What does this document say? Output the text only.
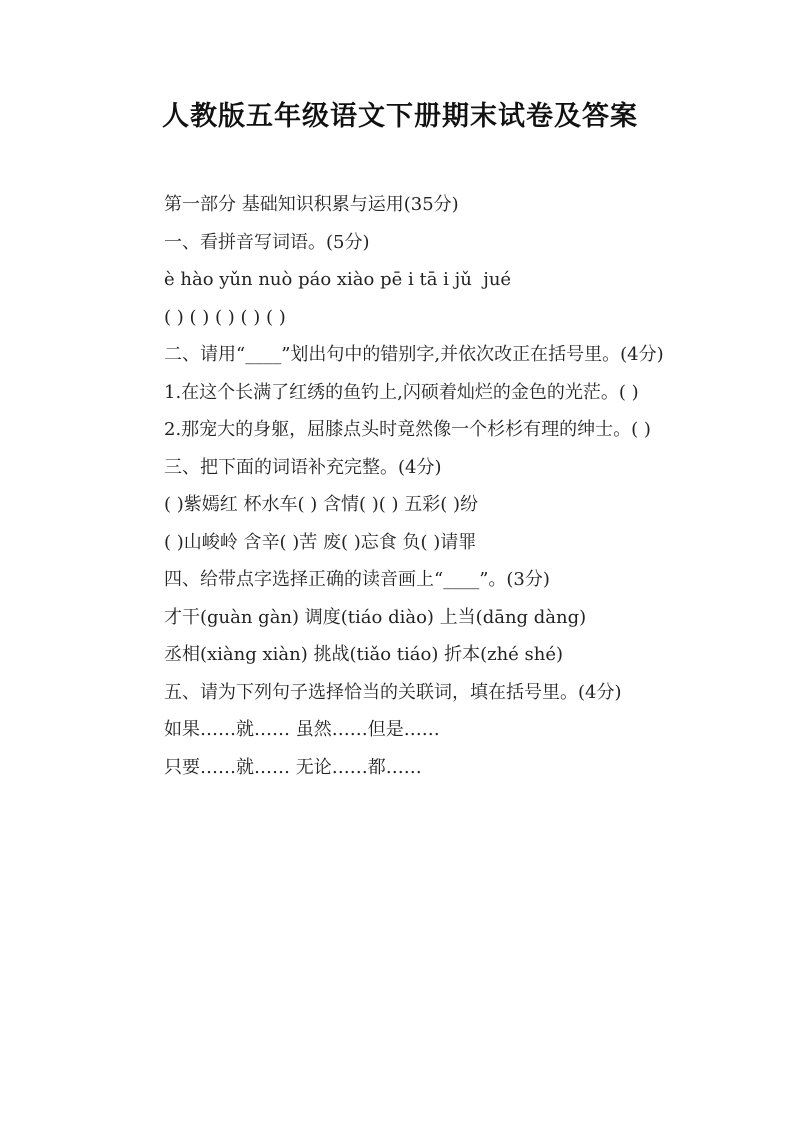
人教版五年级语文下册期末试卷及答案

第一部分 基础知识积累与运用(35分)

一、看拼音写词语。(5分)

è hào yǔn nuò páo xiào pē i tā i jǔ  jué

( ) ( ) ( ) ( ) ( )

二、请用“____”划出句中的错别字,并依次改正在括号里。(4分)

1.在这个长满了红绣的鱼钓上,闪硕着灿烂的金色的光茫。( )

2.那宠大的身躯，屈膝点头时竟然像一个杉杉有理的绅士。( )

三、把下面的词语补充完整。(4分)

( )紫嫣红 杯水车( ) 含情( )( ) 五彩( )纷

( )山峻岭 含辛( )苦 废( )忘食 负( )请罪

四、给带点字选择正确的读音画上“____”。(3分)

才干(guàn gàn) 调度(tiáo diào) 上当(dāng dàng)

丞相(xiàng xiàn) 挑战(tiǎo tiáo) 折本(zhé shé)

五、请为下列句子选择恰当的关联词，填在括号里。(4分)

如果……就…… 虽然……但是……

只要……就…… 无论……都……
